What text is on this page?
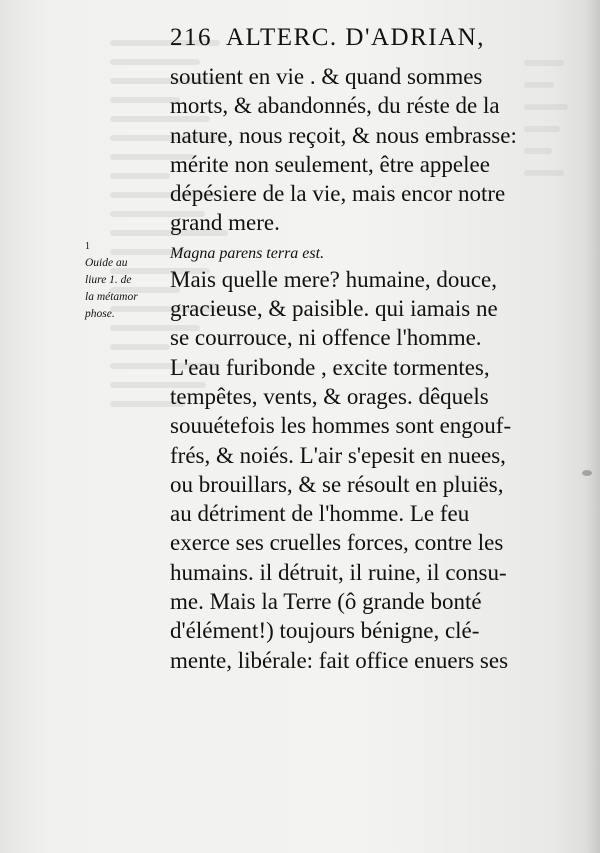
216 ALTERC. D'ADRIAN,
1
Ouide au
liure 1. de
la métamor
phose.
soutient en vie . & quand sommes
morts, & abandonnés, du réste de la
nature, nous reçoit, & nous embrasse:
mérite non seulement, être appelee
dépésiere de la vie, mais encor notre
grand mere.
Magna parens terra est.
Mais quelle mere? humaine, douce,
gracieuse, & paisible. qui iamais ne
se courrouce, ni offence l'homme.
L'eau furibonde , excite tormentes,
tempêtes, vents, & orages. dêquels
souuétefois les hommes sont engouf-
frés, & noiés. L'air s'epesit en nuees,
ou brouillars, & se résoult en pluiës,
au détriment de l'homme. Le feu
exerce ses cruelles forces, contre les
humains. il détruit, il ruine, il consu-
me. Mais la Terre (ô grande bonté
d'élément!) toujours bénigne, clé-
mente, libérale: fait office enuers ses
